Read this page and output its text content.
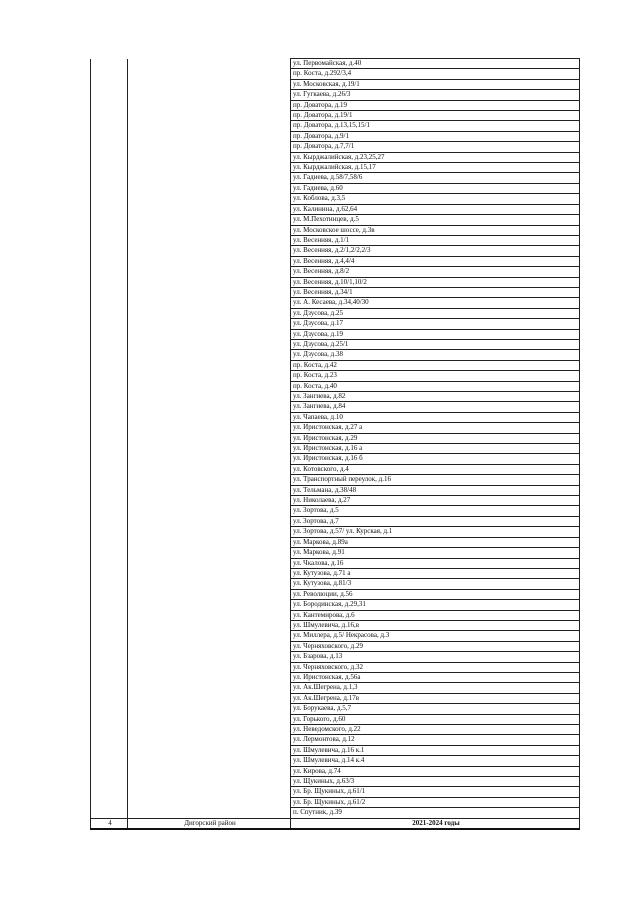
		ул. Первомайская, д.40
		пр. Коста, д.292/3,4
		ул. Московская, д.19/1
		ул. Гугкаева, д.26/3
		пр. Доватора, д.19
		пр. Доватора, д.19/1
		пр. Доватора, д.13,15,15/1
		пр. Доватора, д.9/1
		пр. Доватора, д.7,7/1
		ул. Кырджалийская, д.23,25,27
		ул. Кырджалийская, д.15,17
		ул. Гадиева, д.58/7,58/6
		ул. Гадиева, д.60
		ул. Коблова, д.3,5
		ул. Калинина, д.62,64
		ул. М.Пехотинцев, д.5
		ул. Московское шоссе, д.3в
		ул. Весенняя, д.1/1
		ул. Весенняя, д.2/1,2/2,2/3
		ул. Весенняя, д.4,4/4
		ул. Весенняя, д.8/2
		ул. Весенняя, д.10/1,10/2
		ул. Весенняя, д.34/1
		ул. А. Кесаева, д.34,40/30
		ул. Дзусова, д.25
		ул. Дзусова, д.17
		ул. Дзусова, д.19
		ул. Дзусова, д.25/1
		ул. Дзусова, д.38
		пр. Коста, д.42
		пр. Коста, д.23
		пр. Коста, д.40
		ул. Зангиева, д.82
		ул. Зангиева, д.84
		ул. Чапаева, д.10
		ул. Иристонская, д.27 а
		ул. Иристонская, д.29
		ул. Иристонская, д.16 а
		ул. Иристонская, д.16 б
		ул. Котовского, д.4
		ул. Транспортный переулок, д.16
		ул. Тельмана, д.38/48
		ул. Николаева, д.27
		ул. Зортова, д.5
		ул. Зортова, д.7
		ул. Зортова, д.57/ ул. Курская, д.1
		ул. Маркова, д.89а
		ул. Маркова, д.91
		ул. Чкалова, д.16
		ул. Кутузова, д.71 а
		ул. Кутузова, д.81/3
		ул. Революции, д.56
		ул. Бородинская, д.29,31
		ул. Кантемирова, д.6
		ул. Шмулевича, д.16,в
		ул. Миллера, д.5/ Некрасова, д.3
		ул. Черняховского, д.29
		ул. Бзарова, д.13
		ул. Черняховского, д.32
		ул. Иристонская, д.56а
		ул. Ак.Шегрена, д.1,3
		ул. Ак.Шегрена, д.17в
		ул. Борукаева, д.5,7
		ул. Горького, д.60
		ул. Неведомского, д.22
		ул. Лермонтова, д.12
		ул. Шмулевича, д.16 к.1
		ул. Шмулевича, д.14 к.4
		ул. Кирова, д.74
		ул. Щукиных, д.63/3
		ул. Бр. Щукиных, д.61/1
		ул. Бр. Щукиных, д.61/2
		п. Спутник, д.39
4	Дигорский район	2021-2024 годы
